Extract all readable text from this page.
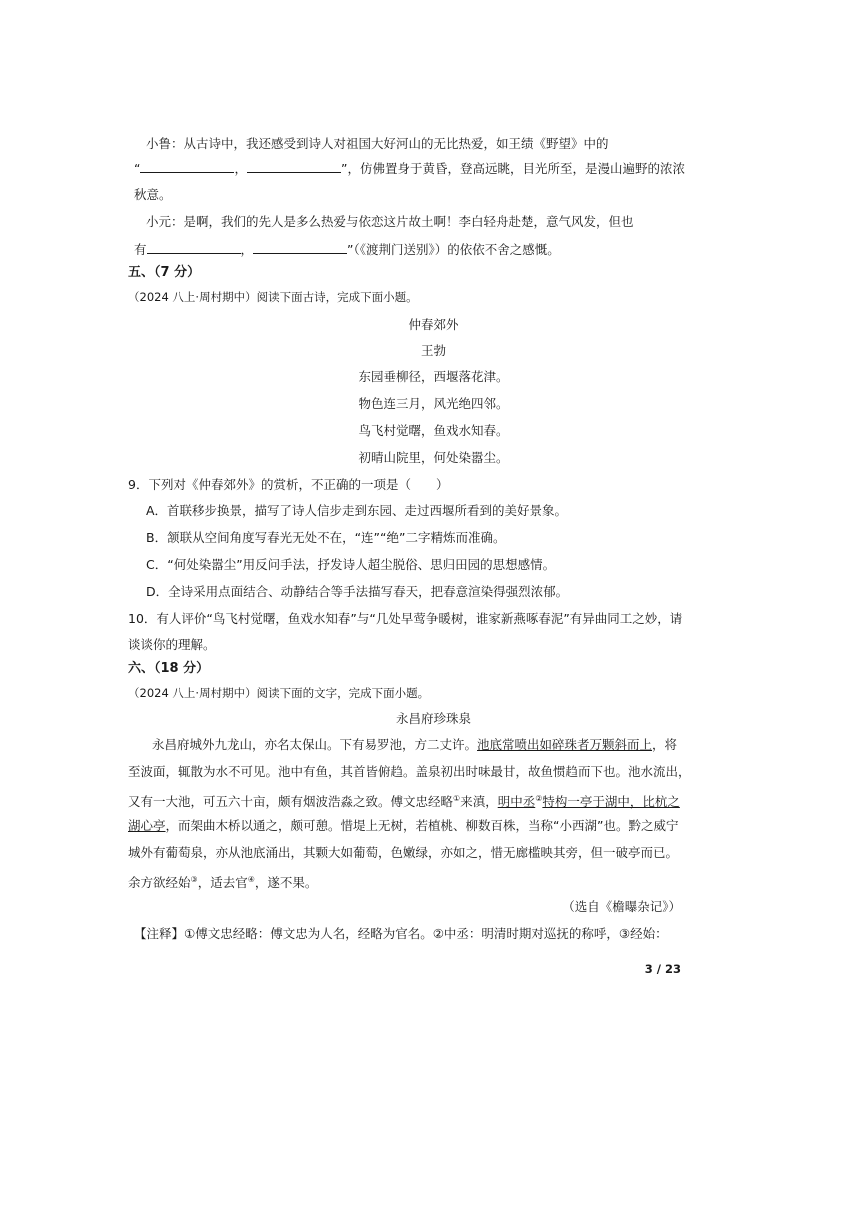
小鲁：从古诗中，我还感受到诗人对祖国大好河山的无比热爱，如王绩《野望》中的
“	，	”，仿佛置身于黄昏，登高远眺，目光所至，是漫山遍野的浓浓
秋意。
小元：是啊，我们的先人是多么热爱与依恋这片故土啊！李白轻舟赴楚，意气风发，但也
有	，	”（《渡荆门送别》）的依依不舍之感慨。
五、（7 分）
（2024 八上·周村期中）阅读下面古诗，完成下面小题。
仲春郊外
王勃
东园垂柳径，西堰落花津。
物色连三月，风光绝四邻。
鸟飞村觉曙，鱼戏水知春。
初晴山院里，何处染嚣尘。
9．下列对《仲春郊外》的赏析，不正确的一项是（　　）
A．首联移步换景，描写了诗人信步走到东园、走过西堰所看到的美好景象。
B．颔联从空间角度写春光无处不在，“连”“绝”二字精炼而准确。
C．“何处染嚣尘”用反问手法，抒发诗人超尘脱俗、思归田园的思想感情。
D．全诗采用点面结合、动静结合等手法描写春天，把春意渲染得强烈浓郁。
10．有人评价“鸟飞村觉曙，鱼戏水知春”与“几处早莺争暖树，谁家新燕啄春泥”有异曲同工之妙，请
谈谈你的理解。
六、（18 分）
（2024 八上·周村期中）阅读下面的文字，完成下面小题。
永昌府珍珠泉
永昌府城外九龙山，亦名太保山。下有易罗池，方二丈许。池底常喷出如碎珠者万颗斜而上，将
至波面，辄散为水不可见。池中有鱼，其首皆俯趋。盖泉初出时味最甘，故鱼惯趋而下也。池水流出，
又有一大池，可五六十亩，颇有烟波浩淼之致。傅文忠经略①来滇，明中丞②特构一亭于湖中，比杭之
湖心亭，而架曲木桥以通之，颇可憩。惜堤上无树，若植桃、柳数百株，当称“小西湖”也。黔之威宁
城外有葡萄泉，亦从池底涌出，其颗大如葡萄，色嫩绿，亦如之，惜无廊槛映其旁，但一破亭而已。
余方欲经始③，适去官④，遂不果。
（选自《檐曝杂记》）
【注释】①傅文忠经略：傅文忠为人名，经略为官名。②中丞：明清时期对巡抚的称呼，③经始：
3 / 23
